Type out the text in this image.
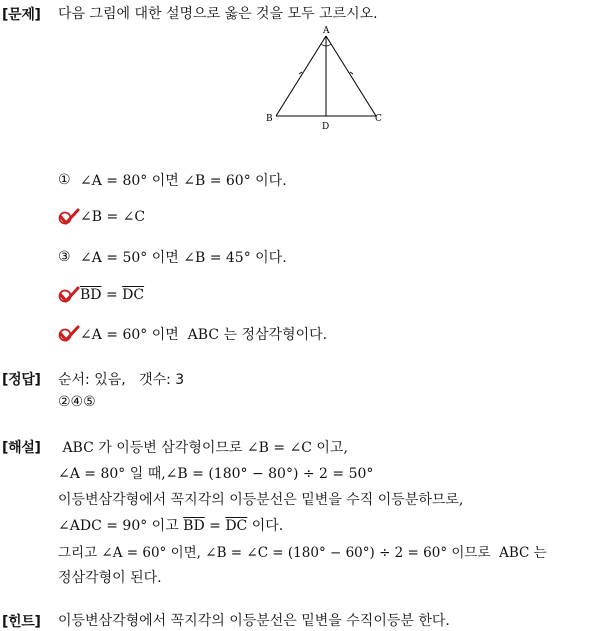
[문제] 다음 그림에 대한 설명으로 옳은 것을 모두 고르시오.
A
B	C
D
① ∠A = 80° 이면 ∠B = 60° 이다.
∠B = ∠C
③ ∠A = 50° 이면 ∠B = 45° 이다.
$\overline{BD} = \overline{DC}$
∠A = 60° 이면  ABC 는 정삼각형이다.
[정답] 순서: 있음,   갯수: 3
②④⑤
[해설] ABC 가 이등변 삼각형이므로 ∠B = ∠C 이고,
∠A = 80° 일 때,∠B = (180° − 80°) ÷ 2 = 50°
이등변삼각형에서 꼭지각의 이등분선은 밑변을 수직 이등분하므로,
∠ADC = 90° 이고 $\overline{BD} = \overline{DC}$ 이다.
그리고 ∠A = 60° 이면, ∠B = ∠C = (180° − 60°) ÷ 2 = 60° 이므로  ABC 는
정삼각형이 된다.
[힌트] 이등변삼각형에서 꼭지각의 이등분선은 밑변을 수직이등분 한다.
